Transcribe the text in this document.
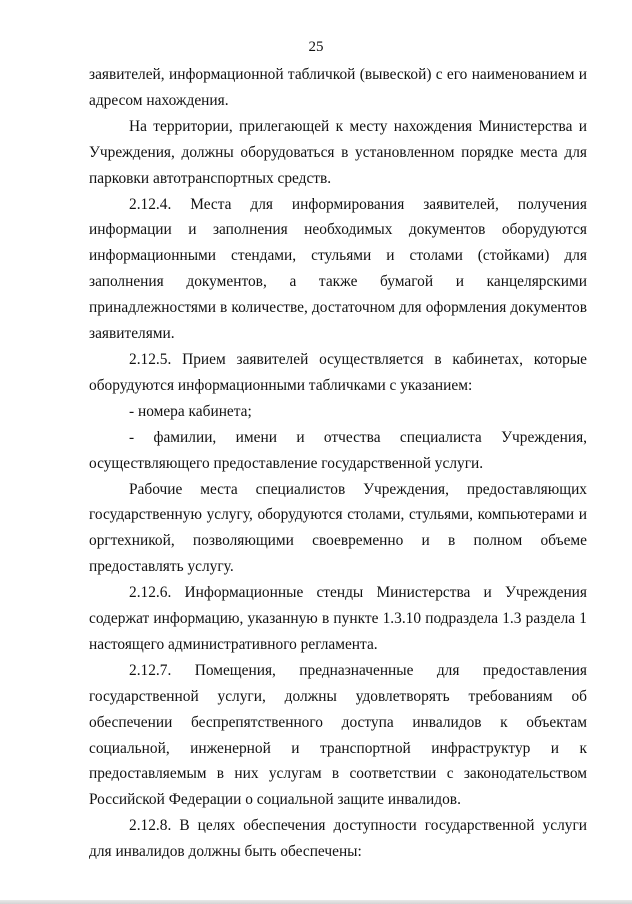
25

заявителей, информационной табличкой (вывеской) с его наименованием и адресом нахождения.

На территории, прилегающей к месту нахождения Министерства и Учреждения, должны оборудоваться в установленном порядке места для парковки автотранспортных средств.

2.12.4. Места для информирования заявителей, получения информации и заполнения необходимых документов оборудуются информационными стендами, стульями и столами (стойками) для заполнения документов, а также бумагой и канцелярскими принадлежностями в количестве, достаточном для оформления документов заявителями.

2.12.5. Прием заявителей осуществляется в кабинетах, которые оборудуются информационными табличками с указанием:

- номера кабинета;

- фамилии, имени и отчества специалиста Учреждения, осуществляющего предоставление государственной услуги.

Рабочие места специалистов Учреждения, предоставляющих государственную услугу, оборудуются столами, стульями, компьютерами и оргтехникой, позволяющими своевременно и в полном объеме предоставлять услугу.

2.12.6. Информационные стенды Министерства и Учреждения содержат информацию, указанную в пункте 1.3.10 подраздела 1.3 раздела 1 настоящего административного регламента.

2.12.7. Помещения, предназначенные для предоставления государственной услуги, должны удовлетворять требованиям об обеспечении беспрепятственного доступа инвалидов к объектам социальной, инженерной и транспортной инфраструктур и к предоставляемым в них услугам в соответствии с законодательством Российской Федерации о социальной защите инвалидов.

2.12.8. В целях обеспечения доступности государственной услуги для инвалидов должны быть обеспечены:
